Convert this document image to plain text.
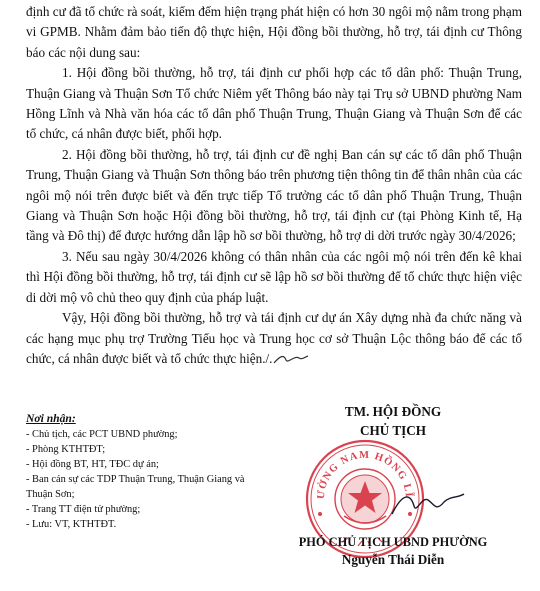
định cư đã tổ chức rà soát, kiểm đếm hiện trạng phát hiện có hơn 30 ngôi mộ nằm trong phạm vi GPMB. Nhằm đảm bảo tiến độ thực hiện, Hội đồng bồi thường, hỗ trợ, tái định cư Thông báo các nội dung sau:

1. Hội đồng bồi thường, hỗ trợ, tái định cư phối hợp các tổ dân phố: Thuận Trung, Thuận Giang và Thuận Sơn Tổ chức Niêm yết Thông báo này tại Trụ sở UBND phường Nam Hồng Lĩnh và Nhà văn hóa các tổ dân phố Thuận Trung, Thuận Giang và Thuận Sơn để các tổ chức, cá nhân được biết, phối hợp.

2. Hội đồng bồi thường, hỗ trợ, tái định cư đề nghị Ban cán sự các tổ dân phố Thuận Trung, Thuận Giang và Thuận Sơn thông báo trên phương tiện thông tin để thân nhân của các ngôi mộ nói trên được biết và đến trực tiếp Tổ trưởng các tổ dân phố Thuận Trung, Thuận Giang và Thuận Sơn hoặc Hội đồng bồi thường, hỗ trợ, tái định cư (tại Phòng Kinh tế, Hạ tầng và Đô thị) để được hướng dẫn lập hồ sơ bồi thường, hỗ trợ di dời trước ngày 30/4/2026;

3. Nếu sau ngày 30/4/2026 không có thân nhân của các ngôi mộ nói trên đến kê khai thì Hội đồng bồi thường, hỗ trợ, tái định cư sẽ lập hồ sơ bồi thường để tổ chức thực hiện việc di dời mộ vô chủ theo quy định của pháp luật.

Vậy, Hội đồng bồi thường, hỗ trợ và tái định cư dự án Xây dựng nhà đa chức năng và các hạng mục phụ trợ Trường Tiểu học và Trung học cơ sở Thuận Lộc thông báo để các tổ chức, cá nhân được biết và tổ chức thực hiện./.

Nơi nhận:
- Chủ tịch, các PCT UBND phường;
- Phòng KTHTĐT;
- Hội đồng BT, HT, TĐC dự án;
- Ban cán sự các TDP Thuận Trung, Thuận Giang và Thuận Sơn;
- Trang TT điện tử phường;
- Lưu: VT, KTHTĐT.
TM. HỘI ĐỒNG
CHỦ TỊCH
ƯỜNG NAM HỒNG LĨ
PHÓ CHỦ TỊCH UBND PHƯỜNG
Nguyễn Thái Diễn
